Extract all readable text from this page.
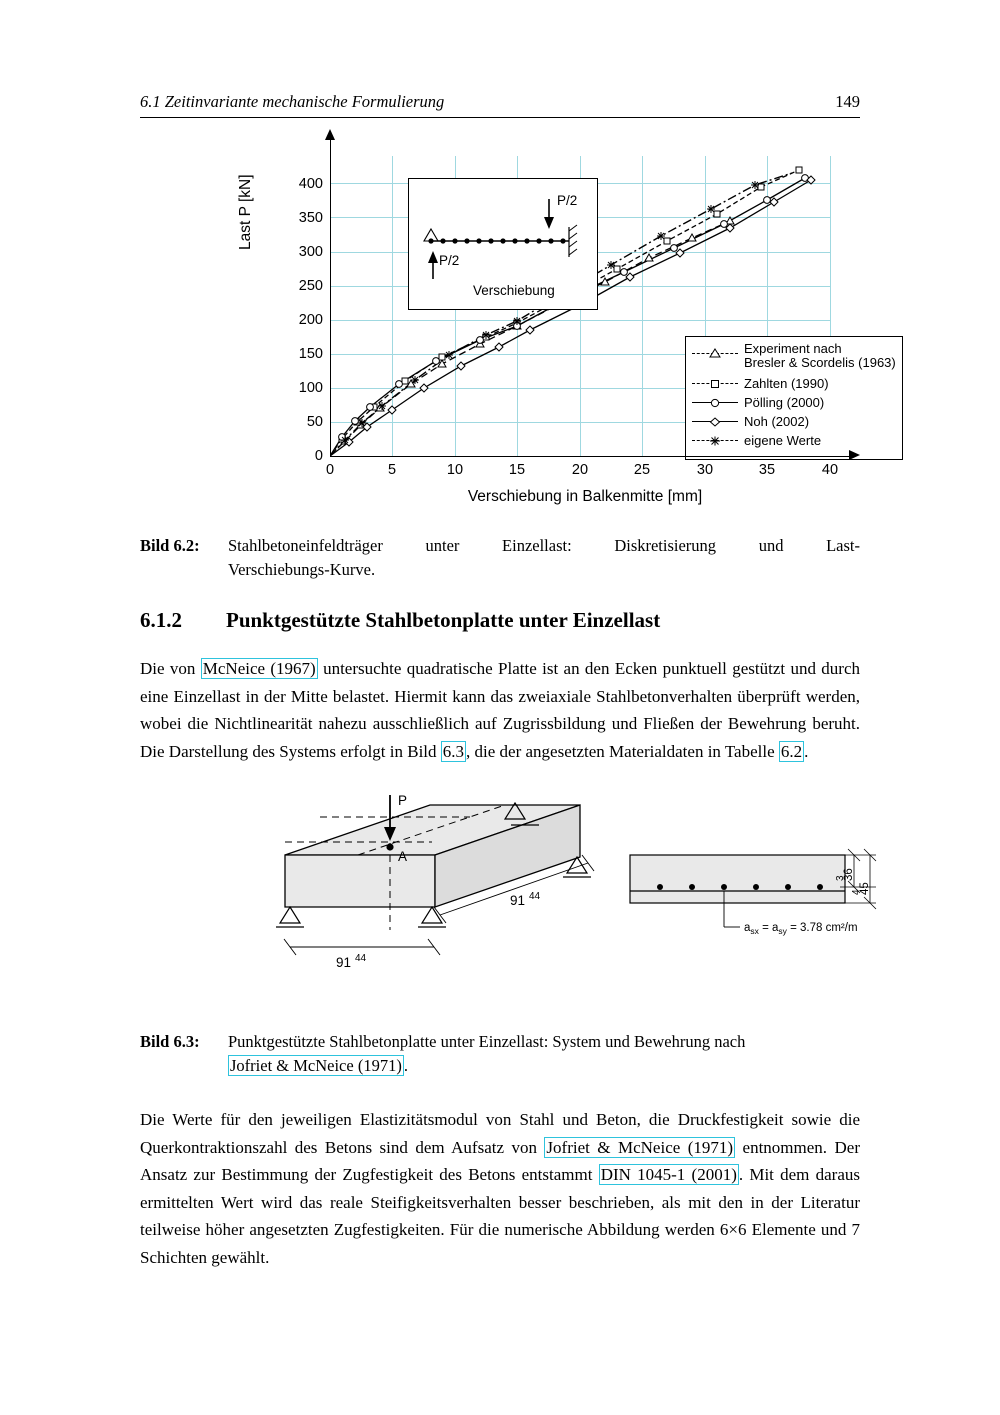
6.1 Zeitinvariante mechanische Formulierung	149
0
50
100
150
200
250
300
350
400
Last P [kN]	P/2
P/2
Verschiebung
Experiment nach
Bresler & Scordelis (1963)
Zahlten (1990)
Pölling (2000)
Noh (2002)
eigene Werte
0	5	10	15	20	25	30	35	40
Verschiebung in Balkenmitte [mm]
Bild 6.2:	Stahlbetoneinfeldträger unter Einzellast: Diskretisierung und Last-
Verschiebungs-Kurve.
6.1.2	Punktgestützte Stahlbetonplatte unter Einzellast
Die von McNeice (1967) untersuchte quadratische Platte ist an den Ecken punktuell gestützt und durch eine Einzellast in der Mitte belastet. Hiermit kann das zweiaxiale Stahlbetonverhalten überprüft werden, wobei die Nichtlinearität nahezu ausschließlich auf Zugrissbildung und Fließen der Bewehrung beruht. Die Darstellung des Systems erfolgt in Bild 6.3 , die der angesetzten Materialdaten in Tabelle 6.2 .
P
A
91 44
91 44
36
3
45
4
$a_{sx} = a_{sy} = 3.78$ cm²/m
Bild 6.3:	Punktgestützte Stahlbetonplatte unter Einzellast: System und Bewehrung nach
Jofriet & McNeice (1971) .
Die Werte für den jeweiligen Elastizitätsmodul von Stahl und Beton, die Druckfestigkeit sowie die Querkontraktionszahl des Betons sind dem Aufsatz von Jofriet & McNeice (1971) entnommen. Der Ansatz zur Bestimmung der Zugfestigkeit des Betons entstammt DIN 1045-1 (2001) . Mit dem daraus ermittelten Wert wird das reale Steifigkeitsverhalten besser beschrieben, als mit den in der Literatur teilweise höher angesetzten Zugfestigkeiten. Für die numerische Abbildung werden 6×6 Elemente und 7 Schichten gewählt.
